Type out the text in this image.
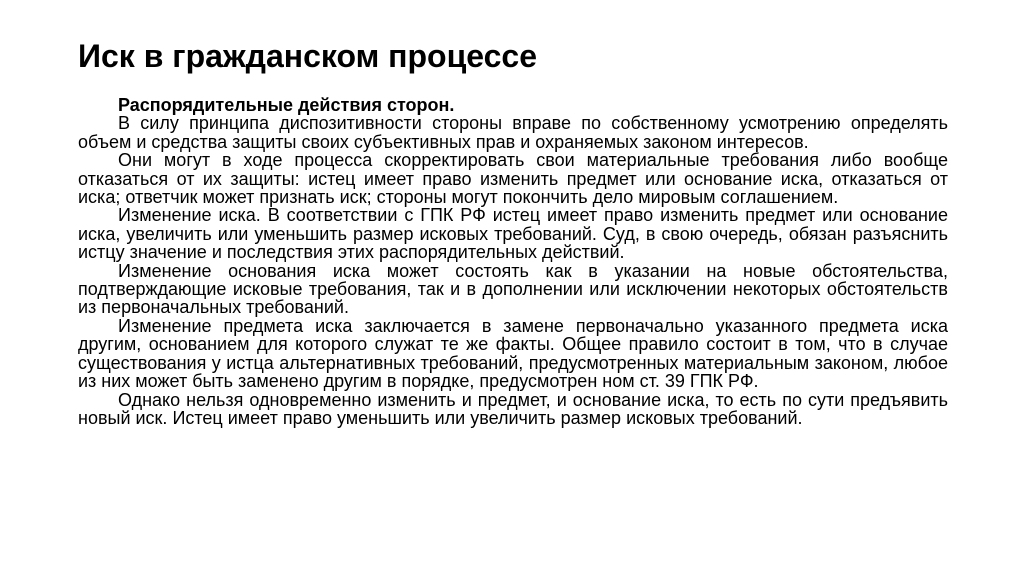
Иск в гражданском процессе

Распорядительные действия сторон.

В силу принципа диспозитивности стороны вправе по собственному усмотрению определять объем и средства защиты своих субъективных прав и охраняемых законом интересов.

Они могут в ходе процесса скорректировать свои материальные требования либо вообще отказаться от их защиты: истец имеет право изменить предмет или основание иска, отказаться от иска; ответчик может признать иск; стороны могут покончить дело мировым соглашением.

Изменение иска. В соответствии с ГПК РФ истец имеет право изменить предмет или основание иска, увеличить или уменьшить размер исковых требований. Суд, в свою очередь, обязан разъяснить истцу значение и последствия этих распорядительных действий.

Изменение основания иска может состоять как в указании на новые обстоятельства, подтверждающие исковые требования, так и в дополнении или исключении некоторых обстоятельств из первоначальных требований.

Изменение предмета иска заключается в замене первоначально указанного предмета иска другим, основанием для которого служат те же факты. Общее правило состоит в том, что в случае существования у истца альтернативных требований, предусмотренных материальным законом, любое из них может быть заменено другим в порядке, предусмотрен ном ст. 39 ГПК РФ.

Однако нельзя одновременно изменить и предмет, и основание иска, то есть по сути предъявить новый иск. Истец имеет право уменьшить или увеличить размер исковых требований.
